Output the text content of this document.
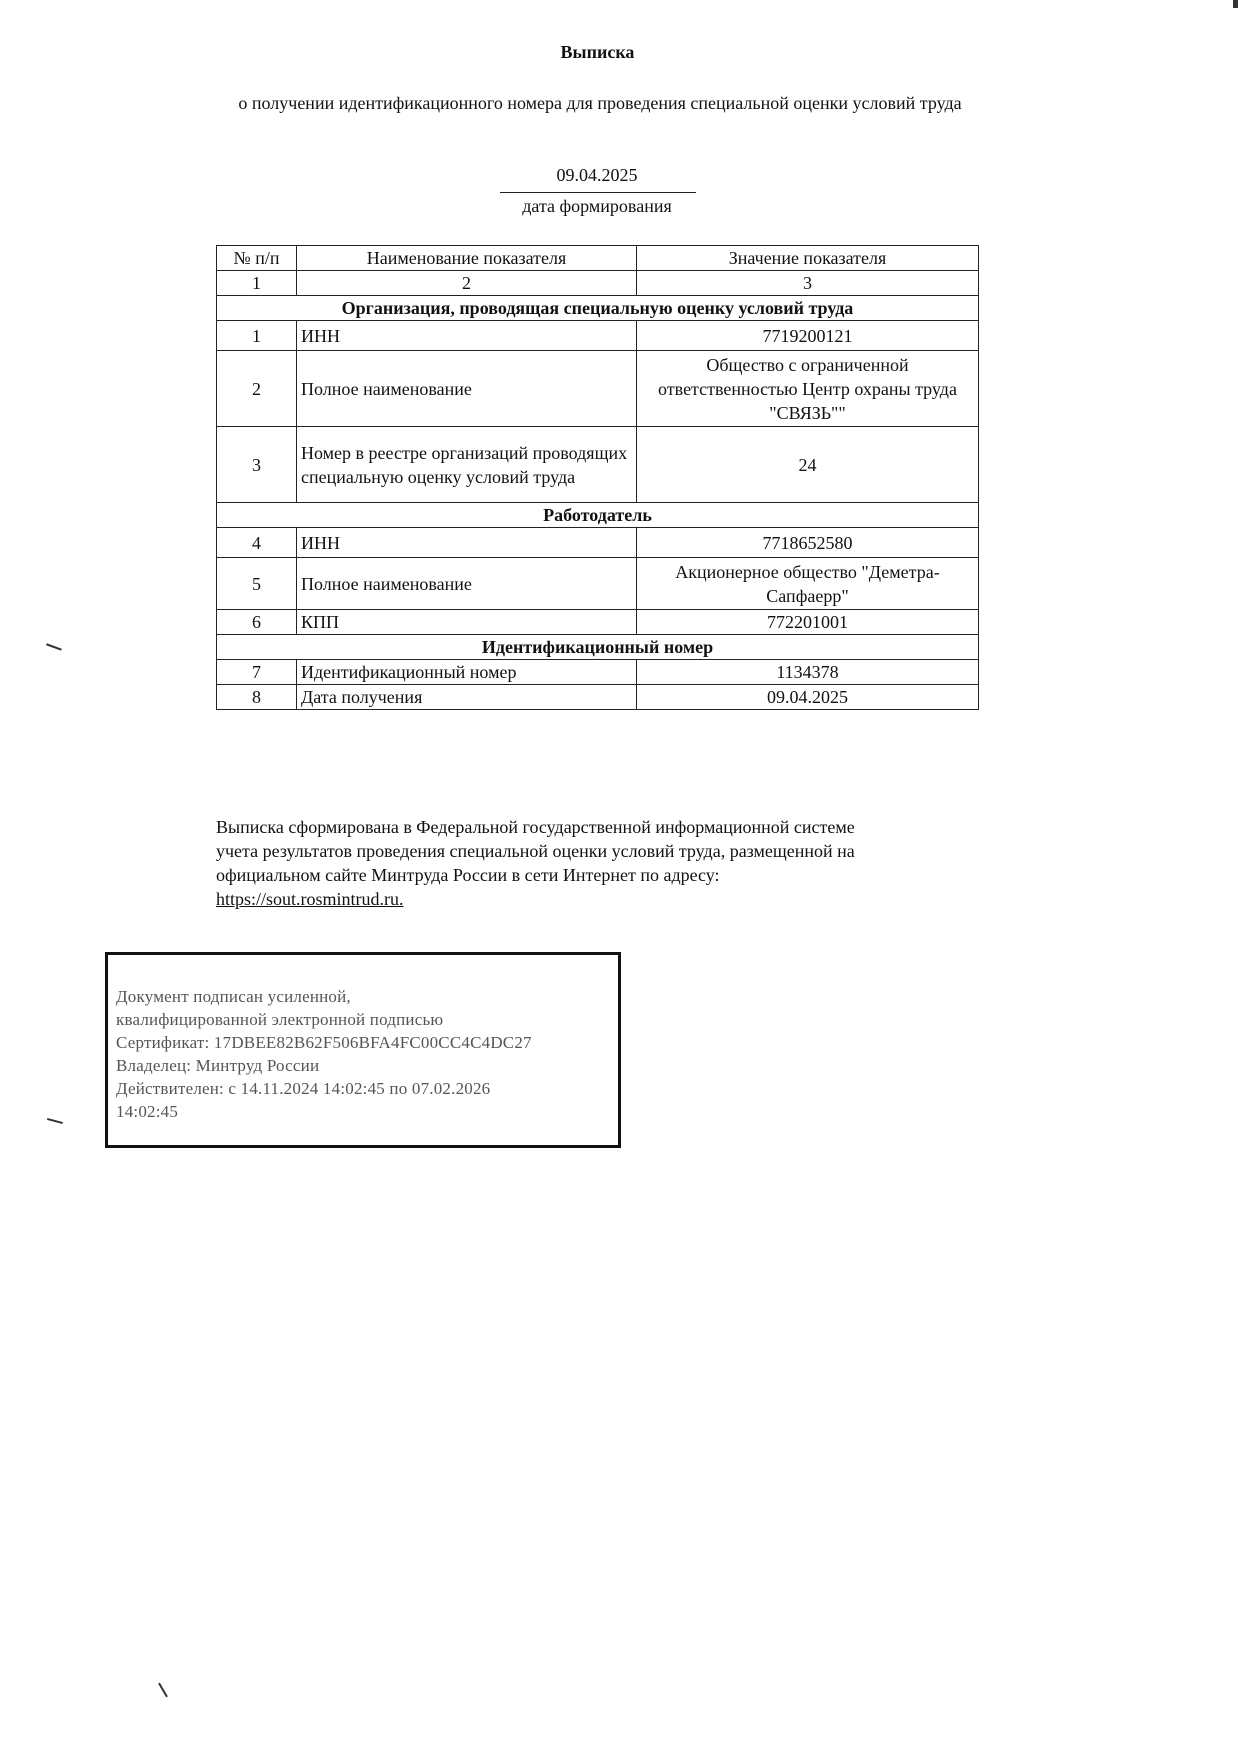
Выписка
о получении идентификационного номера для проведения специальной оценки условий труда
09.04.2025
дата формирования
№ п/п	Наименование показателя	Значение показателя
1	2	3
Организация, проводящая специальную оценку условий труда		
1	ИНН	7719200121
2	Полное наименование	Общество с ограниченной ответственностью Центр охраны труда "СВЯЗЬ""
3	Номер в реестре организаций проводящих специальную оценку условий труда	24
Работодатель		
4	ИНН	7718652580
5	Полное наименование	Акционерное общество "Деметра-Сапфаерр"
6	КПП	772201001
Идентификационный номер		
7	Идентификационный номер	1134378
8	Дата получения	09.04.2025
Выписка сформирована в Федеральной государственной информационной системе учета результатов проведения специальной оценки условий труда, размещенной на официальном сайте Минтруда России в сети Интернет по адресу: https://sout.rosmintrud.ru.
Документ подписан усиленной,
квалифицированной электронной подписью
Сертификат: 17DBEE82B62F506BFA4FC00CC4C4DC27
Владелец: Минтруд России
Действителен: с 14.11.2024 14:02:45 по 07.02.2026
14:02:45
